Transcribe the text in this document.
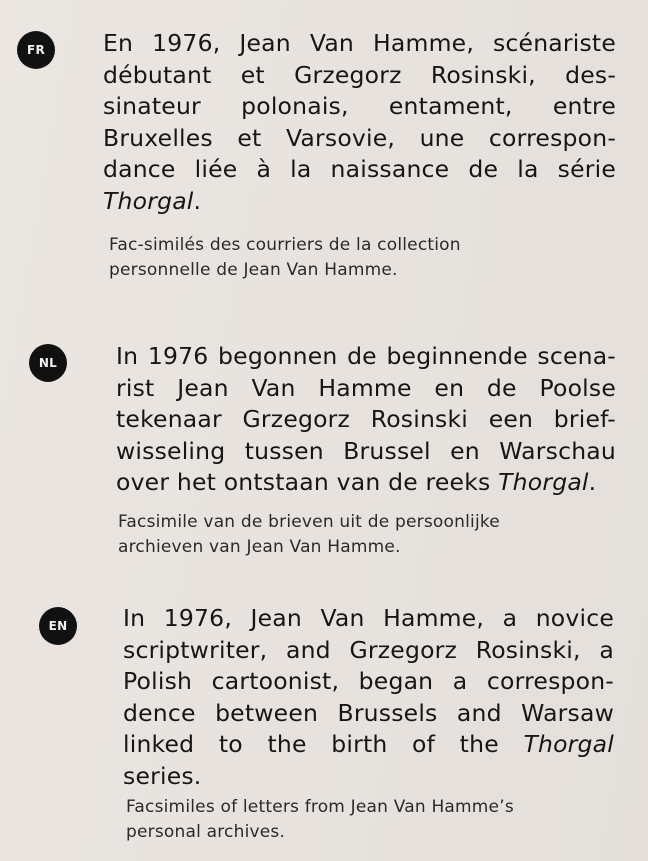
FR	En 1976, Jean Van Hamme, scénariste
débutant et Grzegorz Rosinski, des-
sinateur polonais, entament, entre
Bruxelles et Varsovie, une correspon-
dance liée à la naissance de la série
Thorgal.

Fac-similés des courriers de la collection
personnelle de Jean Van Hamme.

NL	In 1976 begonnen de beginnende scena-
rist Jean Van Hamme en de Poolse
tekenaar Grzegorz Rosinski een brief-
wisseling tussen Brussel en Warschau
over het ontstaan van de reeks Thorgal.

Facsimile van de brieven uit de persoonlijke
archieven van Jean Van Hamme.

EN	In 1976, Jean Van Hamme, a novice
scriptwriter, and Grzegorz Rosinski, a
Polish cartoonist, began a correspon-
dence between Brussels and Warsaw
linked to the birth of the Thorgal
series.

Facsimiles of letters from Jean Van Hamme’s
personal archives.
